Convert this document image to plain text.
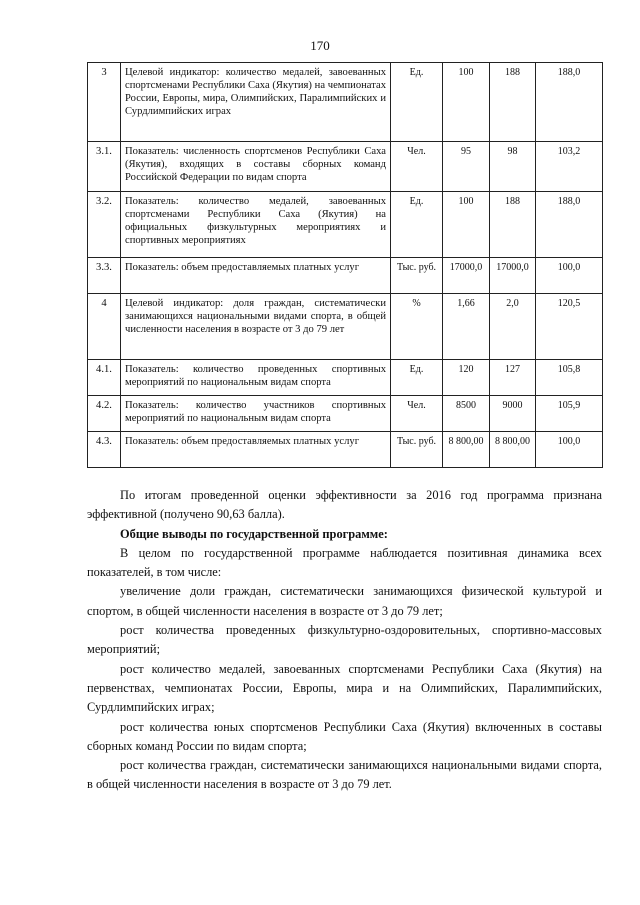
170
3	Целевой индикатор: количество медалей, завоеванных спортсменами Республики Саха (Якутия) на чемпионатах России, Европы, мира, Олимпийских, Паралимпийских и Сурдлимпийских играх	Ед.	100	188	188,0
3.1.	Показатель: численность спортсменов Республики Саха (Якутия), входящих в составы сборных команд Российской Федерации по видам спорта	Чел.	95	98	103,2
3.2.	Показатель: количество медалей, завоеванных спортсменами Республики Саха (Якутия) на официальных физкультурных мероприятиях и спортивных мероприятиях	Ед.	100	188	188,0
3.3.	Показатель: объем предоставляемых платных услуг	Тыс. руб.	17000,0	17000,0	100,0
4	Целевой индикатор: доля граждан, систематически занимающихся национальными видами спорта, в общей численности населения в возрасте от 3 до 79 лет	%	1,66	2,0	120,5
4.1.	Показатель: количество проведенных спортивных мероприятий по национальным видам спорта	Ед.	120	127	105,8
4.2.	Показатель: количество участников спортивных мероприятий по национальным видам спорта	Чел.	8500	9000	105,9
4.3.	Показатель: объем предоставляемых платных услуг	Тыс. руб.	8 800,00	8 800,00	100,0

По итогам проведенной оценки эффективности за 2016 год программа признана эффективной (получено 90,63 балла).

Общие выводы по государственной программе:

В целом по государственной программе наблюдается позитивная динамика всех показателей, в том числе:

увеличение доли граждан, систематически занимающихся физической культурой и спортом, в общей численности населения в возрасте от 3 до 79 лет;

рост количества проведенных физкультурно-оздоровительных, спортивно-массовых мероприятий;

рост количество медалей, завоеванных спортсменами Республики Саха (Якутия) на первенствах, чемпионатах России, Европы, мира и на Олимпийских, Паралимпийских, Сурдлимпийских играх;

рост количества юных спортсменов Республики Саха (Якутия) включенных в составы сборных команд России по видам спорта;

рост количества граждан, систематически занимающихся национальными видами спорта, в общей численности населения в возрасте от 3 до 79 лет.
